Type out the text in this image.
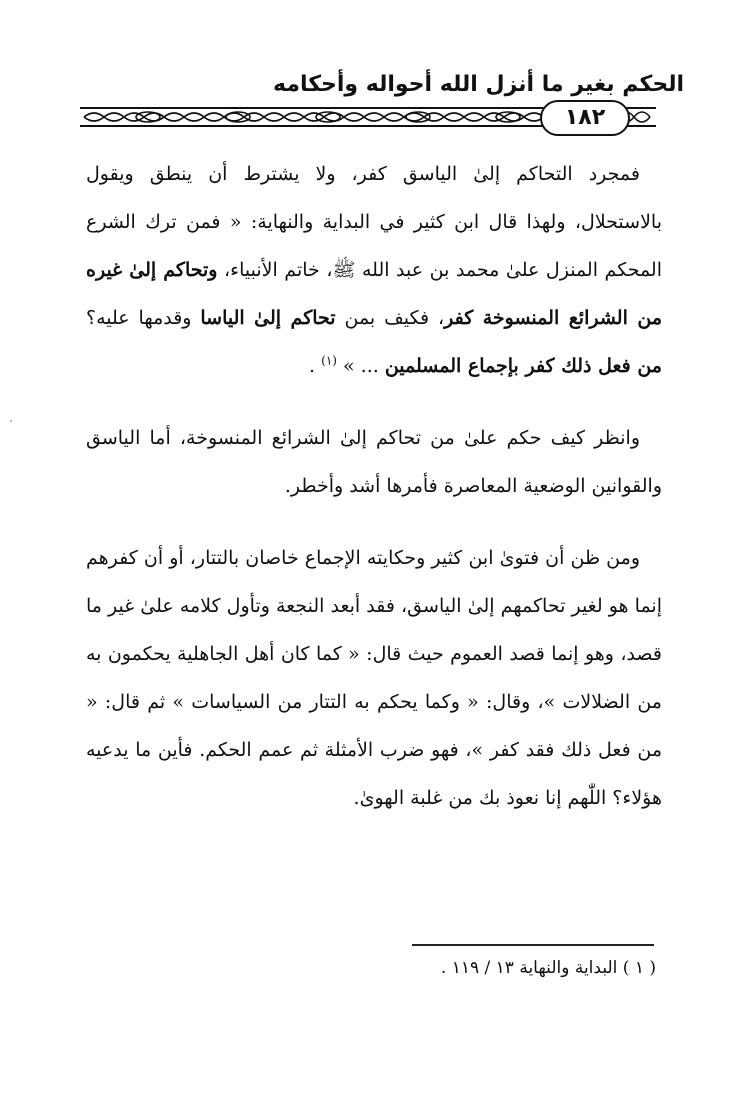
الحكم بغير ما أنزل الله أحواله وأحكامه
١٨٢

فمجرد التحاكم إلىٰ الياسق كفر، ولا يشترط أن ينطق ويقول بالاستحلال، ولهذا قال ابن كثير في البداية والنهاية: « فمن ترك الشرع المحكم المنزل علىٰ محمد بن عبد الله ﷺ، خاتم الأنبياء، وتحاكم إلىٰ غيره من الشرائع المنسوخة كفر، فكيف بمن تحاكم إلىٰ الياسا وقدمها عليه؟ من فعل ذلك كفر بإجماع المسلمين ... » $^{(١)}$ .

وانظر كيف حكم علىٰ من تحاكم إلىٰ الشرائع المنسوخة، أما الياسق والقوانين الوضعية المعاصرة فأمرها أشد وأخطر.

ومن ظن أن فتوىٰ ابن كثير وحكايته الإجماع خاصان بالتتار، أو أن كفرهم إنما هو لغير تحاكمهم إلىٰ الياسق، فقد أبعد النجعة وتأول كلامه علىٰ غير ما قصد، وهو إنما قصد العموم حيث قال: « كما كان أهل الجاهلية يحكمون به من الضلالات »، وقال: « وكما يحكم به التتار من السياسات » ثم قال: « من فعل ذلك فقد كفر »، فهو ضرب الأمثلة ثم عمم الحكم. فأين ما يدعيه هؤلاء؟ اللّٰهم إنا نعوذ بك من غلبة الهوىٰ.

( ١ ) البداية والنهاية ١٣ / ١١٩ .
